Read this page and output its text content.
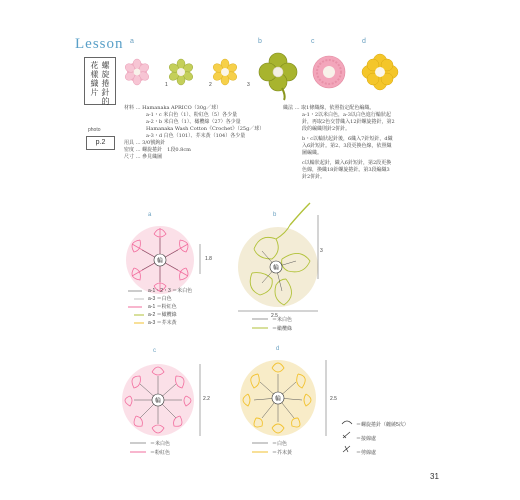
Lesson
花樣織片
螺旋捲針的
photo
p.2
a	b	c	d
1	2	3
材料 … Hamanaka APRICO（30g／球）
a-1・c 米白色（1）、粉紅色（5）各少量
a-2・b 米白色（1）、橄欖綠（27）各少量
Hamanaka Wash Cotton《Crochet》（25g／球）
a-3・d 白色（101）、芥末黃（104）各少量
用具 … 3/0號鉤針
密度 … 螺旋捲針　1段0.8cm
尺寸 … 參見織圖
織法 … 取1條織線，依照指定配色編織。
a-1・2以米白色，a-3以白色進行輪狀起
針，再取2色交替織入12針螺旋捲針，第2
段的編織則針2併針。
b・c以輪狀起針後，6織入7針短針，d織
入6針短針。第2、3段更換色線，依照織
圖編織。
c以輪狀起針，織入6針短針，第2段更換
色線，換織18針螺旋捲針。第3段編織3
針2併針。
輪
a
1.8
a-1・2・3 ＝米白色
a-3 ＝白色
a-1 ＝粉紅色
a-2 ＝橄欖綠
a-3 ＝芥末黃
輪
b
3
2.5
＝米白色
＝橄欖綠
輪
c
2.2
＝米白色
＝粉紅色
輪
d
2.5
＝白色
＝芥末黃
＝螺旋捲針（纏繞5次）
＝接線處
＝剪線處
31
